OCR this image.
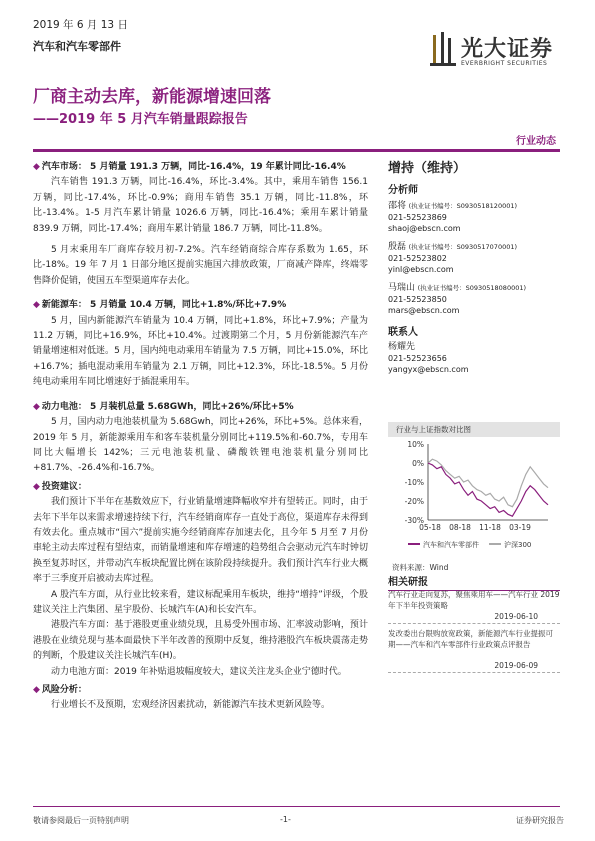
2019 年 6 月 13 日
汽车和汽车零部件	光大证券
EVERBRIGHT SECURITIES
厂商主动去库，新能源增速回落
——2019 年 5 月汽车销量跟踪报告
行业动态

◆ 汽车市场： 5 月销量 191.3 万辆，同比-16.4%，19 年累计同比-16.4%

汽车销售 191.3 万辆，同比-16.4%，环比-3.4%。其中，乘用车销售 156.1 万辆，同比-17.4%，环比-0.9%；商用车销售 35.1 万辆，同比-11.8%，环比-13.4%。1-5 月汽车累计销量 1026.6 万辆，同比-16.4%；乘用车累计销量 839.9 万辆，同比-17.4%；商用车累计销量 186.7 万辆，同比-11.8%。

5 月末乘用车厂商库存较月初-7.2%。汽车经销商综合库存系数为 1.65，环比-18%。19 年 7 月 1 日部分地区提前实施国六排放政策，厂商减产降库，终端零售降价促销，使国五车型渠道库存去化。

◆ 新能源车： 5 月销量 10.4 万辆，同比+1.8%/环比+7.9%

5 月，国内新能源汽车销量为 10.4 万辆，同比+1.8%，环比+7.9%；产量为 11.2 万辆，同比+16.9%，环比+10.4%。过渡期第二个月，5 月份新能源汽车产销量增速相对低迷。5 月，国内纯电动乘用车销量为 7.5 万辆，同比+15.0%，环比+16.7%；插电混动乘用车销量为 2.1 万辆，同比+12.3%，环比-18.5%。5 月份纯电动乘用车同比增速好于插混乘用车。

◆ 动力电池： 5 月装机总量 5.68GWh，同比+26%/环比+5%

5 月，国内动力电池装机量为 5.68Gwh，同比+26%，环比+5%。总体来看，2019 年 5 月，新能源乘用车和客车装机量分别同比+119.5%和-60.7%，专用车同比大幅增长 142%；三元电池装机量、磷酸铁锂电池装机量分别同比+81.7%、-26.4%和-16.7%。

◆ 投资建议：

我们预计下半年在基数效应下，行业销量增速降幅收窄并有望转正。同时，由于去年下半年以来需求增速持续下行，汽车经销商库存一直处于高位，渠道库存未得到有效去化。重点城市“国六”提前实施今经销商库存加速去化，且今年 5 月至 7 月份車轮主动去库过程有望结束，而销量增速和库存增速的趋势组合会驱动元汽车时钟切换至复苏时区，并带动汽车板块配置比例在该阶段持续提升。我们预计汽车行业大概率于三季度开启被动去库过程。

A 股汽车方面，从行业比较来看，建议标配乘用车板块，维持“增持”评级，个股建议关注上汽集团、星宇股份、长城汽车(A)和长安汽车。

港股汽车方面：基于港股更重业绩兑现，且易受外围市场、汇率波动影响，预计港股在业绩兑现与基本面最快下半年改善的预期中反复，维持港股汽车板块震荡走势的判断，个股建议关注长城汽车(H)。

动力电池方面：2019 年补贴退坡幅度较大，建议关注龙头企业宁德时代。

◆ 风险分析：

行业增长不及预期，宏观经济因素扰动，新能源汽车技术更新风险等。

增持（维持）
分析师
邵将 (执业证书编号：S0930518120001)
021-52523869
shaoj@ebscn.com
殷磊 (执业证书编号：S0930517070001)
021-52523802
yinl@ebscn.com
马瑞山 (执业证书编号：S0930518080001)
021-52523850
mars@ebscn.com
联系人
杨耀先
021-52523656
yangyx@ebscn.com
行业与上证指数对比图
10%
0%
-10%
-20%
-30%
05-18 08-18 11-18 03-19
汽车和汽车零部件	沪深300
资料来源：Wind
相关研报
汽车行业走向复苏，聚焦乘用车——汽车行业 2019 年下半年投资策略
2019-06-10
发改委出台限购放宽政策，新能源汽车行业提振可期——汽车和汽车零部件行业政策点评报告
2019-06-09
敬请参阅最后一页特别声明	-1-	证券研究报告
